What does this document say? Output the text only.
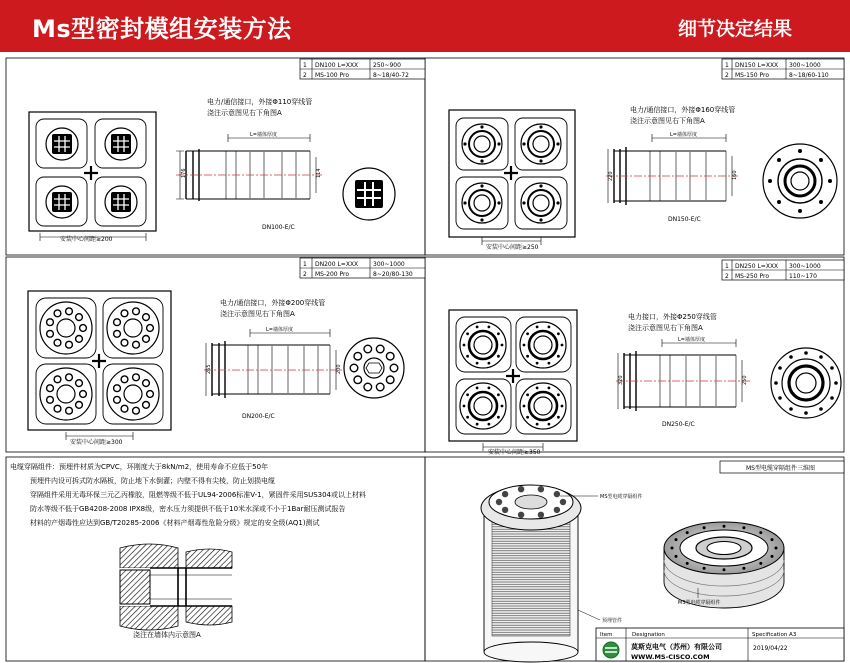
Ms型密封模组安装方法	细节决定结果
1 DN100 L=XXX 250~900
2 MS-100 Pro	8~18/40-72
安装中心间距≥200
电力/通信接口，外接Φ110穿线管
浇注示意图见右下角图A
L=墙体厚度
176	114
DN100-E/C
1 DN150 L=XXX 300~1000
2 MS-150 Pro	8~18/60-110
安装中心间距≥250
电力/通信接口，外接Φ160穿线管
浇注示意图见右下角图A
L=墙体厚度
220	160
DN150-E/C
1 DN200 L=XXX 300~1000
2 MS-200 Pro	8~20/80-130
安装中心间距≥300
电力/通信接口，外接Φ200穿线管
浇注示意图见右下角图A
L=墙体厚度
265	200
DN200-E/C
1 DN250 L=XXX 300~1000
2 MS-250 Pro	110~170
安装中心间距≥350
电力接口，外接Φ250穿线管
浇注示意图见右下角图A
L=墙体厚度
320	250
DN250-E/C
电缆穿隔组件：预埋件材质为CPVC，环刚度大于8kN/m2，使用寿命不应低于50年
预埋件内设可拆式防水隔板，防止地下水倒灌；内壁不得有尖棱，防止划损电缆
穿隔组件采用无毒环保三元乙丙橡胶，阻燃等级不低于UL94-2006标准V-1，紧固件采用SUS304或以上材料
防水等级不低于GB4208-2008 IPX8级，密水压力须提供不低于10米水深或不小于1Bar耐压测试报告
材料的产烟毒性应达到GB/T20285-2006《材料产烟毒性危险分级》规定的安全级(AQ1)测试
浇注在墙体内示意图A
MS型电缆穿隔组件三维图
MS型电缆穿隔组件
MS型电缆穿隔组件
预埋管件
Item	Designation	Specification A3
莫斯克电气（苏州）有限公司
WWW.MS-CISCO.COM
2019/04/22
